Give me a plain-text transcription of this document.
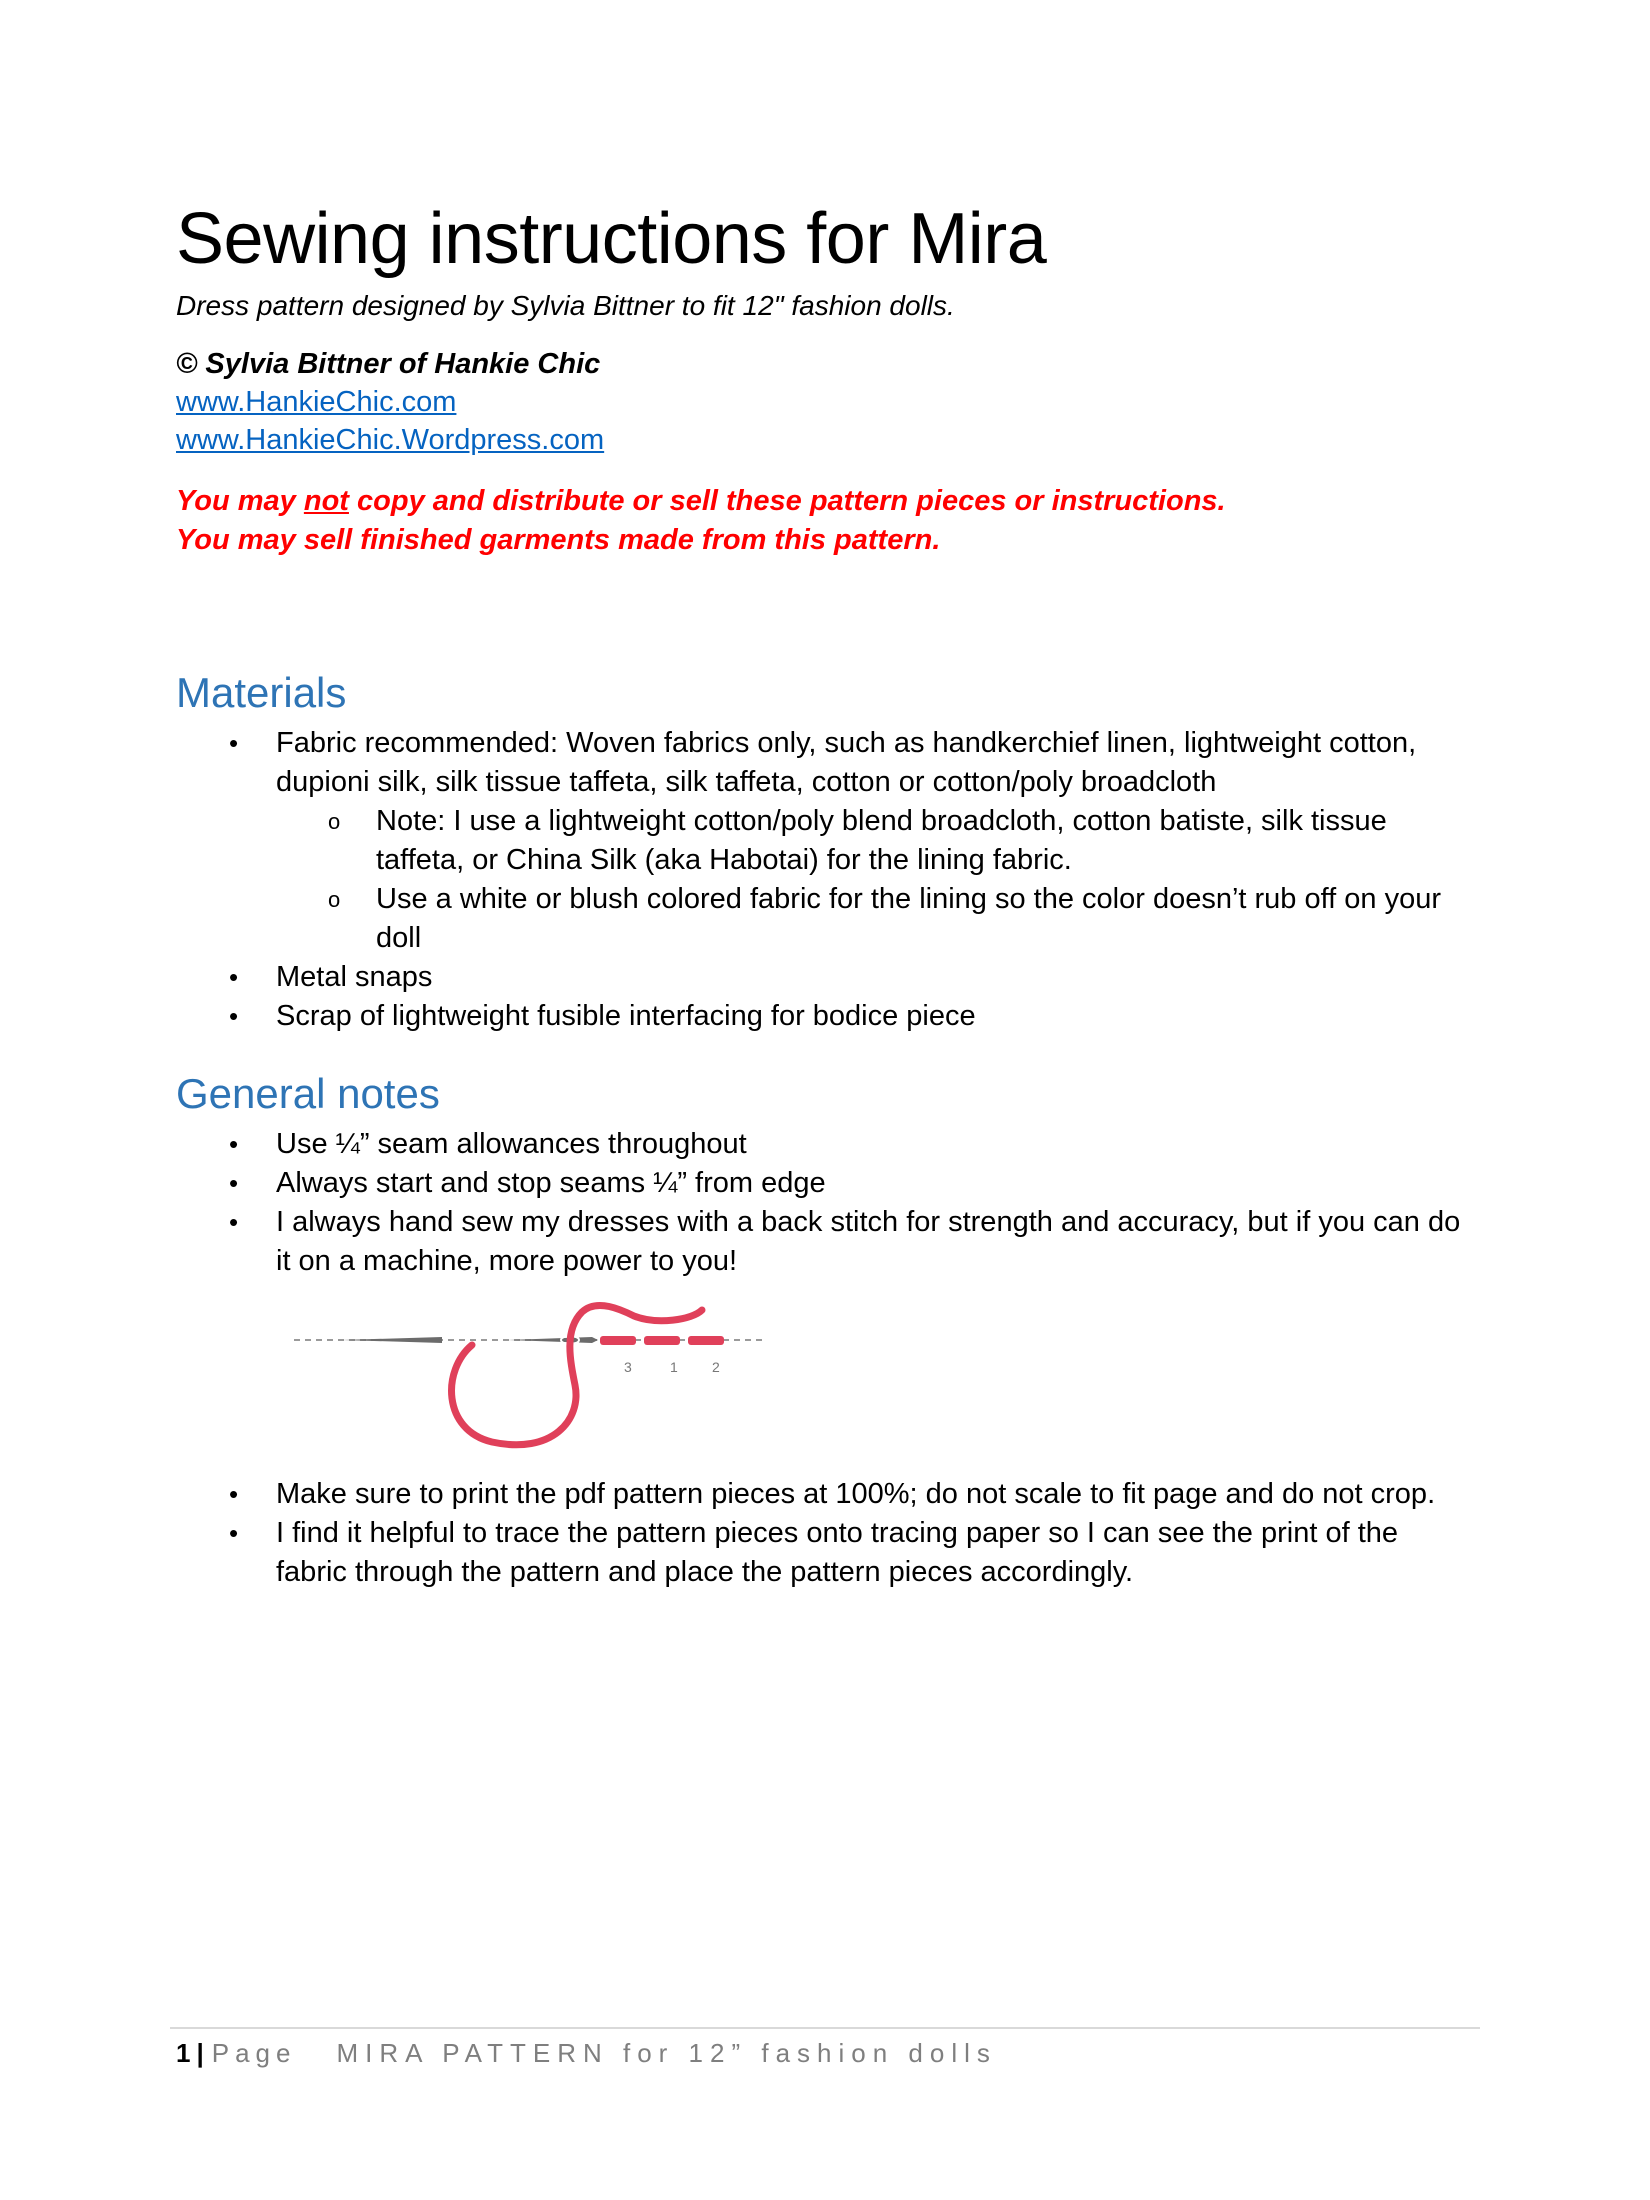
Sewing instructions for Mira

Dress pattern designed by Sylvia Bittner to fit 12" fashion dolls.

© Sylvia Bittner of Hankie Chic

www.HankieChic.com
www.HankieChic.Wordpress.com

You may not copy and distribute or sell these pattern pieces or instructions.

You may sell finished garments made from this pattern.

Materials
• Fabric recommended: Woven fabrics only, such as handkerchief linen, lightweight cotton, dupioni silk, silk tissue taffeta, silk taffeta, cotton or cotton/poly broadcloth
o Note: I use a lightweight cotton/poly blend broadcloth, cotton batiste, silk tissue taffeta, or China Silk (aka Habotai) for the lining fabric.
o Use a white or blush colored fabric for the lining so the color doesn’t rub off on your doll
• Metal snaps
• Scrap of lightweight fusible interfacing for bodice piece
General notes
• Use ¼” seam allowances throughout
• Always start and stop seams ¼” from edge
• I always hand sew my dresses with a back stitch for strength and accuracy, but if you can do it on a machine, more power to you!
3	1 2
• Make sure to print the pdf pattern pieces at 100%; do not scale to fit page and do not crop.
• I find it helpful to trace the pattern pieces onto tracing paper so I can see the print of the fabric through the pattern and place the pattern pieces accordingly.
1 | Page MIRA PATTERN for 12” fashion dolls
